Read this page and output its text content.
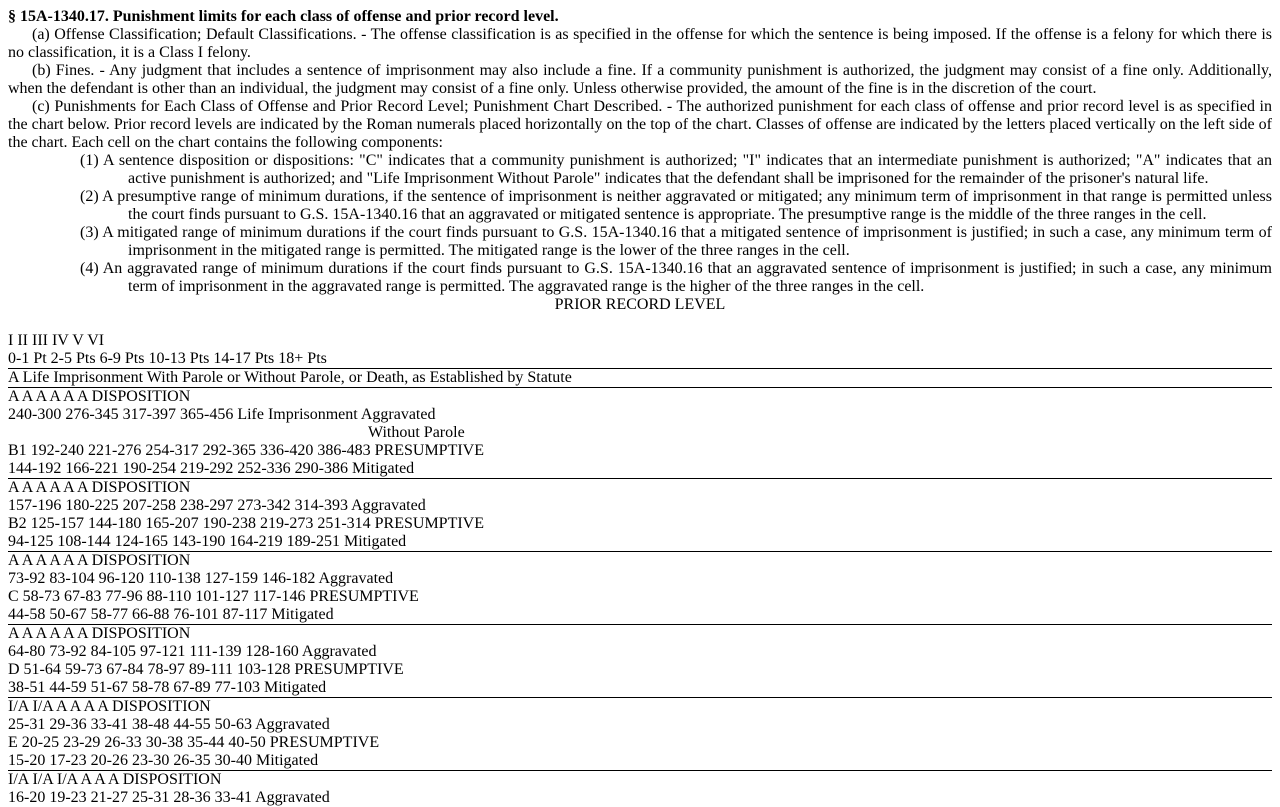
§ 15A-1340.17. Punishment limits for each class of offense and prior record level.

(a) Offense Classification; Default Classifications. - The offense classification is as specified in the offense for which the sentence is being imposed. If the offense is a felony for which there is no classification, it is a Class I felony.

(b) Fines. - Any judgment that includes a sentence of imprisonment may also include a fine. If a community punishment is authorized, the judgment may consist of a fine only. Additionally, when the defendant is other than an individual, the judgment may consist of a fine only. Unless otherwise provided, the amount of the fine is in the discretion of the court.

(c) Punishments for Each Class of Offense and Prior Record Level; Punishment Chart Described. - The authorized punishment for each class of offense and prior record level is as specified in the chart below. Prior record levels are indicated by the Roman numerals placed horizontally on the top of the chart. Classes of offense are indicated by the letters placed vertically on the left side of the chart. Each cell on the chart contains the following components:

(1) A sentence disposition or dispositions: "C" indicates that a community punishment is authorized; "I" indicates that an intermediate punishment is authorized; "A" indicates that an active punishment is authorized; and "Life Imprisonment Without Parole" indicates that the defendant shall be imprisoned for the remainder of the prisoner's natural life.

(2) A presumptive range of minimum durations, if the sentence of imprisonment is neither aggravated or mitigated; any minimum term of imprisonment in that range is permitted unless the court finds pursuant to G.S. 15A-1340.16 that an aggravated or mitigated sentence is appropriate. The presumptive range is the middle of the three ranges in the cell.

(3) A mitigated range of minimum durations if the court finds pursuant to G.S. 15A-1340.16 that a mitigated sentence of imprisonment is justified; in such a case, any minimum term of imprisonment in the mitigated range is permitted. The mitigated range is the lower of the three ranges in the cell.

(4) An aggravated range of minimum durations if the court finds pursuant to G.S. 15A-1340.16 that an aggravated sentence of imprisonment is justified; in such a case, any minimum term of imprisonment in the aggravated range is permitted. The aggravated range is the higher of the three ranges in the cell.

PRIOR RECORD LEVEL

I II III IV V VI
0-1 Pt 2-5 Pts 6-9 Pts 10-13 Pts 14-17 Pts 18+ Pts
A Life Imprisonment With Parole or Without Parole, or Death, as Established by Statute
A A A A A A DISPOSITION
240-300 276-345 317-397 365-456 Life Imprisonment Aggravated
Without Parole
B1 192-240 221-276 254-317 292-365 336-420 386-483 PRESUMPTIVE
144-192 166-221 190-254 219-292 252-336 290-386 Mitigated
A A A A A A DISPOSITION
157-196 180-225 207-258 238-297 273-342 314-393 Aggravated
B2 125-157 144-180 165-207 190-238 219-273 251-314 PRESUMPTIVE
94-125 108-144 124-165 143-190 164-219 189-251 Mitigated
A A A A A A DISPOSITION
73-92 83-104 96-120 110-138 127-159 146-182 Aggravated
C 58-73 67-83 77-96 88-110 101-127 117-146 PRESUMPTIVE
44-58 50-67 58-77 66-88 76-101 87-117 Mitigated
A A A A A A DISPOSITION
64-80 73-92 84-105 97-121 111-139 128-160 Aggravated
D 51-64 59-73 67-84 78-97 89-111 103-128 PRESUMPTIVE
38-51 44-59 51-67 58-78 67-89 77-103 Mitigated
I/A I/A A A A A DISPOSITION
25-31 29-36 33-41 38-48 44-55 50-63 Aggravated
E 20-25 23-29 26-33 30-38 35-44 40-50 PRESUMPTIVE
15-20 17-23 20-26 23-30 26-35 30-40 Mitigated
I/A I/A I/A A A A DISPOSITION
16-20 19-23 21-27 25-31 28-36 33-41 Aggravated
